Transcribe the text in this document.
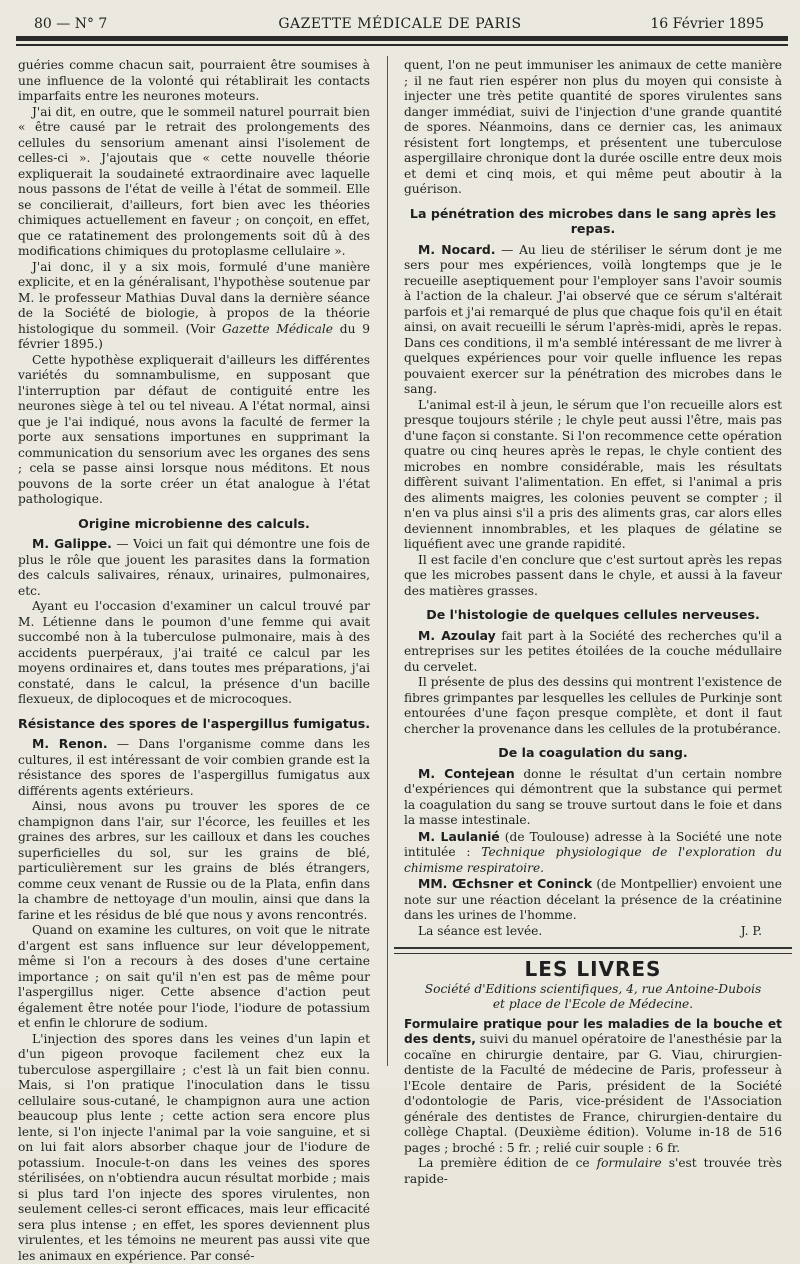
80 — N° 7	GAZETTE MÉDICALE DE PARIS	16 Février 1895

guéries comme chacun sait, pourraient être soumises à une influence de la volonté qui rétablirait les contacts imparfaits entre les neurones moteurs.

J'ai dit, en outre, que le sommeil naturel pourrait bien « être causé par le retrait des prolongements des cellules du sensorium amenant ainsi l'isolement de celles-ci ». J'ajoutais que « cette nouvelle théorie expliquerait la soudaineté extraordinaire avec laquelle nous passons de l'état de veille à l'état de sommeil. Elle se concilierait, d'ailleurs, fort bien avec les théories chimiques actuellement en faveur ; on conçoit, en effet, que ce ratatinement des prolongements soit dû à des modifications chimiques du protoplasme cellulaire ».

J'ai donc, il y a six mois, formulé d'une manière explicite, et en la généralisant, l'hypothèse soutenue par M. le professeur Mathias Duval dans la dernière séance de la Société de biologie, à propos de la théorie histologique du sommeil. (Voir Gazette Médicale du 9 février 1895.)

Cette hypothèse expliquerait d'ailleurs les différentes variétés du somnambulisme, en supposant que l'interruption par défaut de contiguité entre les neurones siège à tel ou tel niveau. A l'état normal, ainsi que je l'ai indiqué, nous avons la faculté de fermer la porte aux sensations importunes en supprimant la communication du sensorium avec les organes des sens ; cela se passe ainsi lorsque nous méditons. Et nous pouvons de la sorte créer un état analogue à l'état pathologique.

Origine microbienne des calculs.

M. Galippe. — Voici un fait qui démontre une fois de plus le rôle que jouent les parasites dans la formation des calculs salivaires, rénaux, urinaires, pulmonaires, etc.

Ayant eu l'occasion d'examiner un calcul trouvé par M. Létienne dans le poumon d'une femme qui avait succombé non à la tuberculose pulmonaire, mais à des accidents puerpéraux, j'ai traité ce calcul par les moyens ordinaires et, dans toutes mes préparations, j'ai constaté, dans le calcul, la présence d'un bacille flexueux, de diplocoques et de microcoques.

Résistance des spores de l'aspergillus fumigatus.

M. Renon. — Dans l'organisme comme dans les cultures, il est intéressant de voir combien grande est la résistance des spores de l'aspergillus fumigatus aux différents agents extérieurs.

Ainsi, nous avons pu trouver les spores de ce champignon dans l'air, sur l'écorce, les feuilles et les graines des arbres, sur les cailloux et dans les couches superficielles du sol, sur les grains de blé, particulièrement sur les grains de blés étrangers, comme ceux venant de Russie ou de la Plata, enfin dans la chambre de nettoyage d'un moulin, ainsi que dans la farine et les résidus de blé que nous y avons rencontrés.

Quand on examine les cultures, on voit que le nitrate d'argent est sans influence sur leur développement, même si l'on a recours à des doses d'une certaine importance ; on sait qu'il n'en est pas de même pour l'aspergillus niger. Cette absence d'action peut également être notée pour l'iode, l'iodure de potassium et enfin le chlorure de sodium.

L'injection des spores dans les veines d'un lapin et d'un pigeon provoque facilement chez eux la tuberculose aspergillaire ; c'est là un fait bien connu. Mais, si l'on pratique l'inoculation dans le tissu cellulaire sous-cutané, le champignon aura une action beaucoup plus lente ; cette action sera encore plus lente, si l'on injecte l'animal par la voie sanguine, et si on lui fait alors absorber chaque jour de l'iodure de potassium. Inocule-t-on dans les veines des spores stérilisées, on n'obtiendra aucun résultat morbide ; mais si plus tard l'on injecte des spores virulentes, non seulement celles-ci seront efficaces, mais leur efficacité sera plus intense ; en effet, les spores deviennent plus virulentes, et les témoins ne meurent pas aussi vite que les animaux en expérience. Par consé-

quent, l'on ne peut immuniser les animaux de cette manière ; il ne faut rien espérer non plus du moyen qui consiste à injecter une très petite quantité de spores virulentes sans danger immédiat, suivi de l'injection d'une grande quantité de spores. Néanmoins, dans ce dernier cas, les animaux résistent fort longtemps, et présentent une tuberculose aspergillaire chronique dont la durée oscille entre deux mois et demi et cinq mois, et qui même peut aboutir à la guérison.

La pénétration des microbes dans le sang après les repas.

M. Nocard. — Au lieu de stériliser le sérum dont je me sers pour mes expériences, voilà longtemps que je le recueille aseptiquement pour l'employer sans l'avoir soumis à l'action de la chaleur. J'ai observé que ce sérum s'altérait parfois et j'ai remarqué de plus que chaque fois qu'il en était ainsi, on avait recueilli le sérum l'après-midi, après le repas. Dans ces conditions, il m'a semblé intéressant de me livrer à quelques expériences pour voir quelle influence les repas pouvaient exercer sur la pénétration des microbes dans le sang.

L'animal est-il à jeun, le sérum que l'on recueille alors est presque toujours stérile ; le chyle peut aussi l'être, mais pas d'une façon si constante. Si l'on recommence cette opération quatre ou cinq heures après le repas, le chyle contient des microbes en nombre considérable, mais les résultats diffèrent suivant l'alimentation. En effet, si l'animal a pris des aliments maigres, les colonies peuvent se compter ; il n'en va plus ainsi s'il a pris des aliments gras, car alors elles deviennent innombrables, et les plaques de gélatine se liquéfient avec une grande rapidité.

Il est facile d'en conclure que c'est surtout après les repas que les microbes passent dans le chyle, et aussi à la faveur des matières grasses.

De l'histologie de quelques cellules nerveuses.

M. Azoulay fait part à la Société des recherches qu'il a entreprises sur les petites étoilées de la couche médullaire du cervelet.

Il présente de plus des dessins qui montrent l'existence de fibres grimpantes par lesquelles les cellules de Purkinje sont entourées d'une façon presque complète, et dont il faut chercher la provenance dans les cellules de la protubérance.

De la coagulation du sang.

M. Contejean donne le résultat d'un certain nombre d'expériences qui démontrent que la substance qui permet la coagulation du sang se trouve surtout dans le foie et dans la masse intestinale.

M. Laulanié (de Toulouse) adresse à la Société une note intitulée : Technique physiologique de l'exploration du chimisme respiratoire.

MM. Œchsner et Coninck (de Montpellier) envoient une note sur une réaction décelant la présence de la créatinine dans les urines de l'homme.

La séance est levée.	J. P.
LES LIVRES
Société d'Editions scientifiques, 4, rue Antoine-Dubois
et place de l'Ecole de Médecine.

Formulaire pratique pour les maladies de la bouche et des dents, suivi du manuel opératoire de l'anesthésie par la cocaïne en chirurgie dentaire, par G. Viau, chirurgien-dentiste de la Faculté de médecine de Paris, professeur à l'Ecole dentaire de Paris, président de la Société d'odontologie de Paris, vice-président de l'Association générale des dentistes de France, chirurgien-dentaire du collège Chaptal. (Deuxième édition). Volume in-18 de 516 pages ; broché : 5 fr. ; relié cuir souple : 6 fr.

La première édition de ce formulaire s'est trouvée très rapide-
